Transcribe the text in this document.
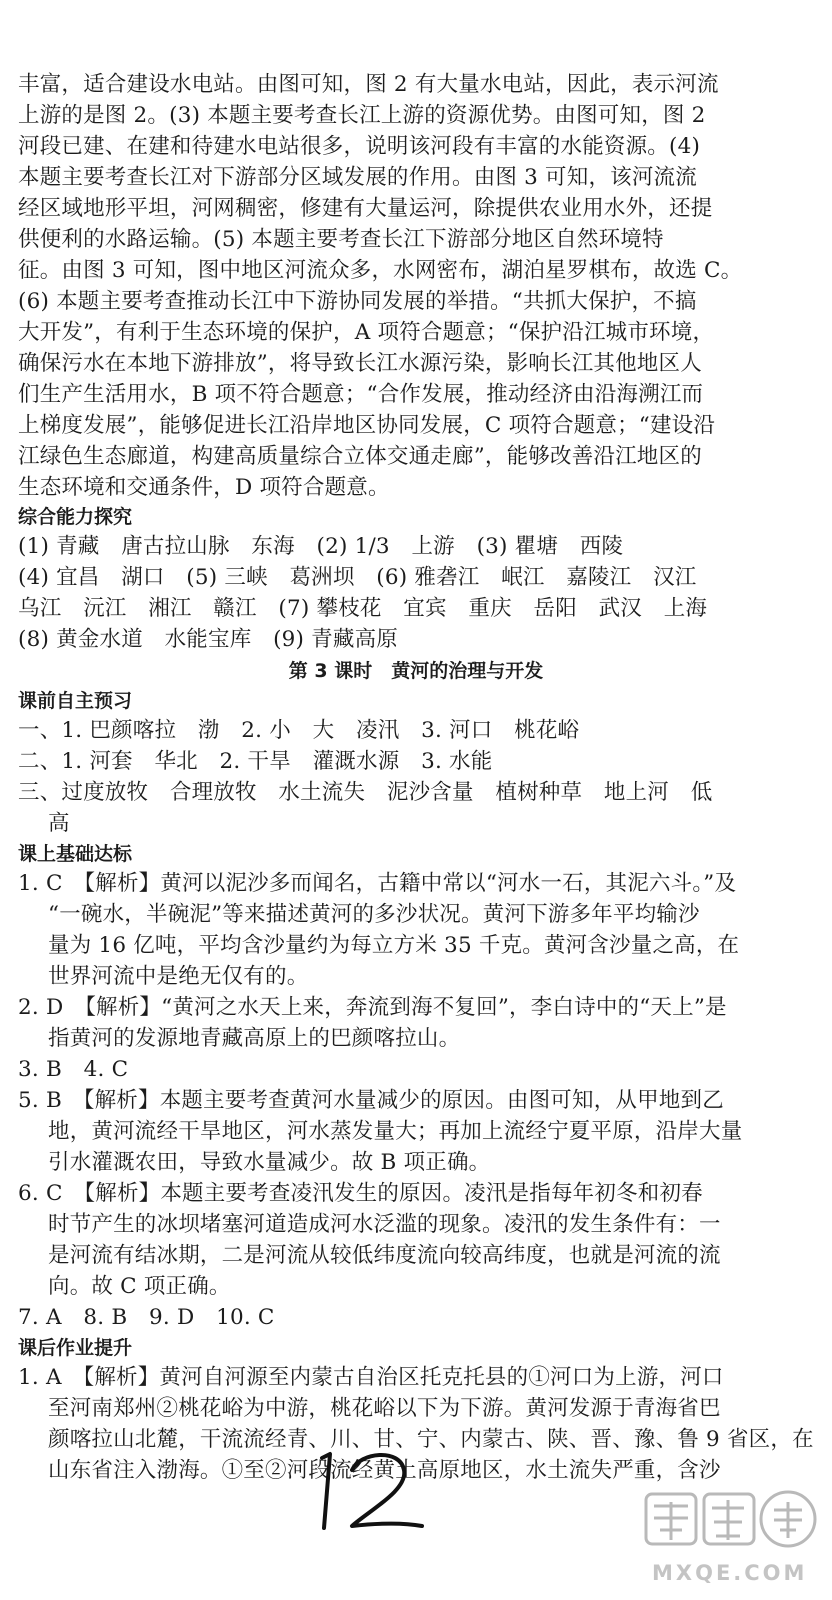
丰富，适合建设水电站。由图可知，图 2 有大量水电站，因此，表示河流
上游的是图 2。(3) 本题主要考查长江上游的资源优势。由图可知，图 2
河段已建、在建和待建水电站很多，说明该河段有丰富的水能资源。(4)
本题主要考查长江对下游部分区域发展的作用。由图 3 可知，该河流流
经区域地形平坦，河网稠密，修建有大量运河，除提供农业用水外，还提
供便利的水路运输。(5) 本题主要考查长江下游部分地区自然环境特
征。由图 3 可知，图中地区河流众多，水网密布，湖泊星罗棋布，故选 C。
(6) 本题主要考查推动长江中下游协同发展的举措。“共抓大保护，不搞
大开发”，有利于生态环境的保护，A 项符合题意；“保护沿江城市环境，
确保污水在本地下游排放”，将导致长江水源污染，影响长江其他地区人
们生产生活用水，B 项不符合题意；“合作发展，推动经济由沿海溯江而
上梯度发展”，能够促进长江沿岸地区协同发展，C 项符合题意；“建设沿
江绿色生态廊道，构建高质量综合立体交通走廊”，能够改善沿江地区的
生态环境和交通条件，D 项符合题意。
综合能力探究
(1) 青藏　唐古拉山脉　东海　(2) 1/3　上游　(3) 瞿塘　西陵
(4) 宜昌　湖口　(5) 三峡　葛洲坝　(6) 雅砻江　岷江　嘉陵江　汉江
乌江　沅江　湘江　赣江　(7) 攀枝花　宜宾　重庆　岳阳　武汉　上海
(8) 黄金水道　水能宝库　(9) 青藏高原
第 3 课时　黄河的治理与开发
课前自主预习
一、1. 巴颜喀拉　渤　2. 小　大　凌汛　3. 河口　桃花峪
二、1. 河套　华北　2. 干旱　灌溉水源　3. 水能
三、过度放牧　合理放牧　水土流失　泥沙含量　植树种草　地上河　低
高
课上基础达标
1. C　【解析】黄河以泥沙多而闻名，古籍中常以“河水一石，其泥六斗。”及
“一碗水，半碗泥”等来描述黄河的多沙状况。黄河下游多年平均输沙
量为 16 亿吨，平均含沙量约为每立方米 35 千克。黄河含沙量之高，在
世界河流中是绝无仅有的。
2. D　【解析】“黄河之水天上来，奔流到海不复回”，李白诗中的“天上”是
指黄河的发源地青藏高原上的巴颜喀拉山。
3. B　4. C
5. B　【解析】本题主要考查黄河水量减少的原因。由图可知，从甲地到乙
地，黄河流经干旱地区，河水蒸发量大；再加上流经宁夏平原，沿岸大量
引水灌溉农田，导致水量减少。故 B 项正确。
6. C　【解析】本题主要考查凌汛发生的原因。凌汛是指每年初冬和初春
时节产生的冰坝堵塞河道造成河水泛滥的现象。凌汛的发生条件有：一
是河流有结冰期，二是河流从较低纬度流向较高纬度，也就是河流的流
向。故 C 项正确。
7. A　8. B　9. D　10. C
课后作业提升
1. A　【解析】黄河自河源至内蒙古自治区托克托县的①河口为上游，河口
至河南郑州②桃花峪为中游，桃花峪以下为下游。黄河发源于青海省巴
颜喀拉山北麓，干流流经青、川、甘、宁、内蒙古、陕、晋、豫、鲁 9 省区，在
山东省注入渤海。①至②河段流经黄土高原地区，水土流失严重，含沙
MXQE.COM
